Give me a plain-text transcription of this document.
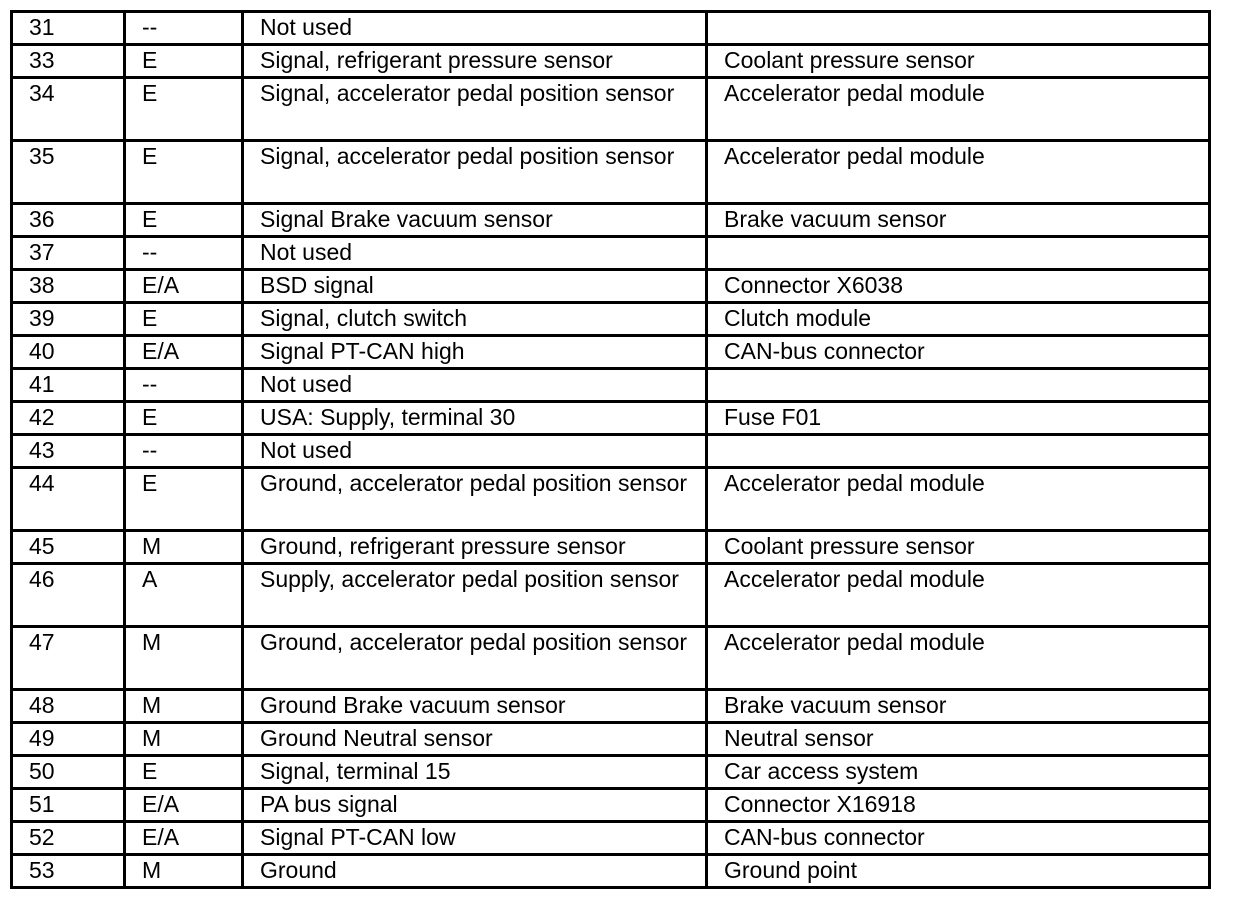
31	--	Not used	
33	E	Signal, refrigerant pressure sensor	Coolant pressure sensor
34	E	Signal, accelerator pedal position sensor	Accelerator pedal module
35	E	Signal, accelerator pedal position sensor	Accelerator pedal module
36	E	Signal Brake vacuum sensor	Brake vacuum sensor
37	--	Not used	
38	E/A	BSD signal	Connector X6038
39	E	Signal, clutch switch	Clutch module
40	E/A	Signal PT-CAN high	CAN-bus connector
41	--	Not used	
42	E	USA: Supply, terminal 30	Fuse F01
43	--	Not used	
44	E	Ground, accelerator pedal position sensor	Accelerator pedal module
45	M	Ground, refrigerant pressure sensor	Coolant pressure sensor
46	A	Supply, accelerator pedal position sensor	Accelerator pedal module
47	M	Ground, accelerator pedal position sensor	Accelerator pedal module
48	M	Ground Brake vacuum sensor	Brake vacuum sensor
49	M	Ground Neutral sensor	Neutral sensor
50	E	Signal, terminal 15	Car access system
51	E/A	PA bus signal	Connector X16918
52	E/A	Signal PT-CAN low	CAN-bus connector
53	M	Ground	Ground point
